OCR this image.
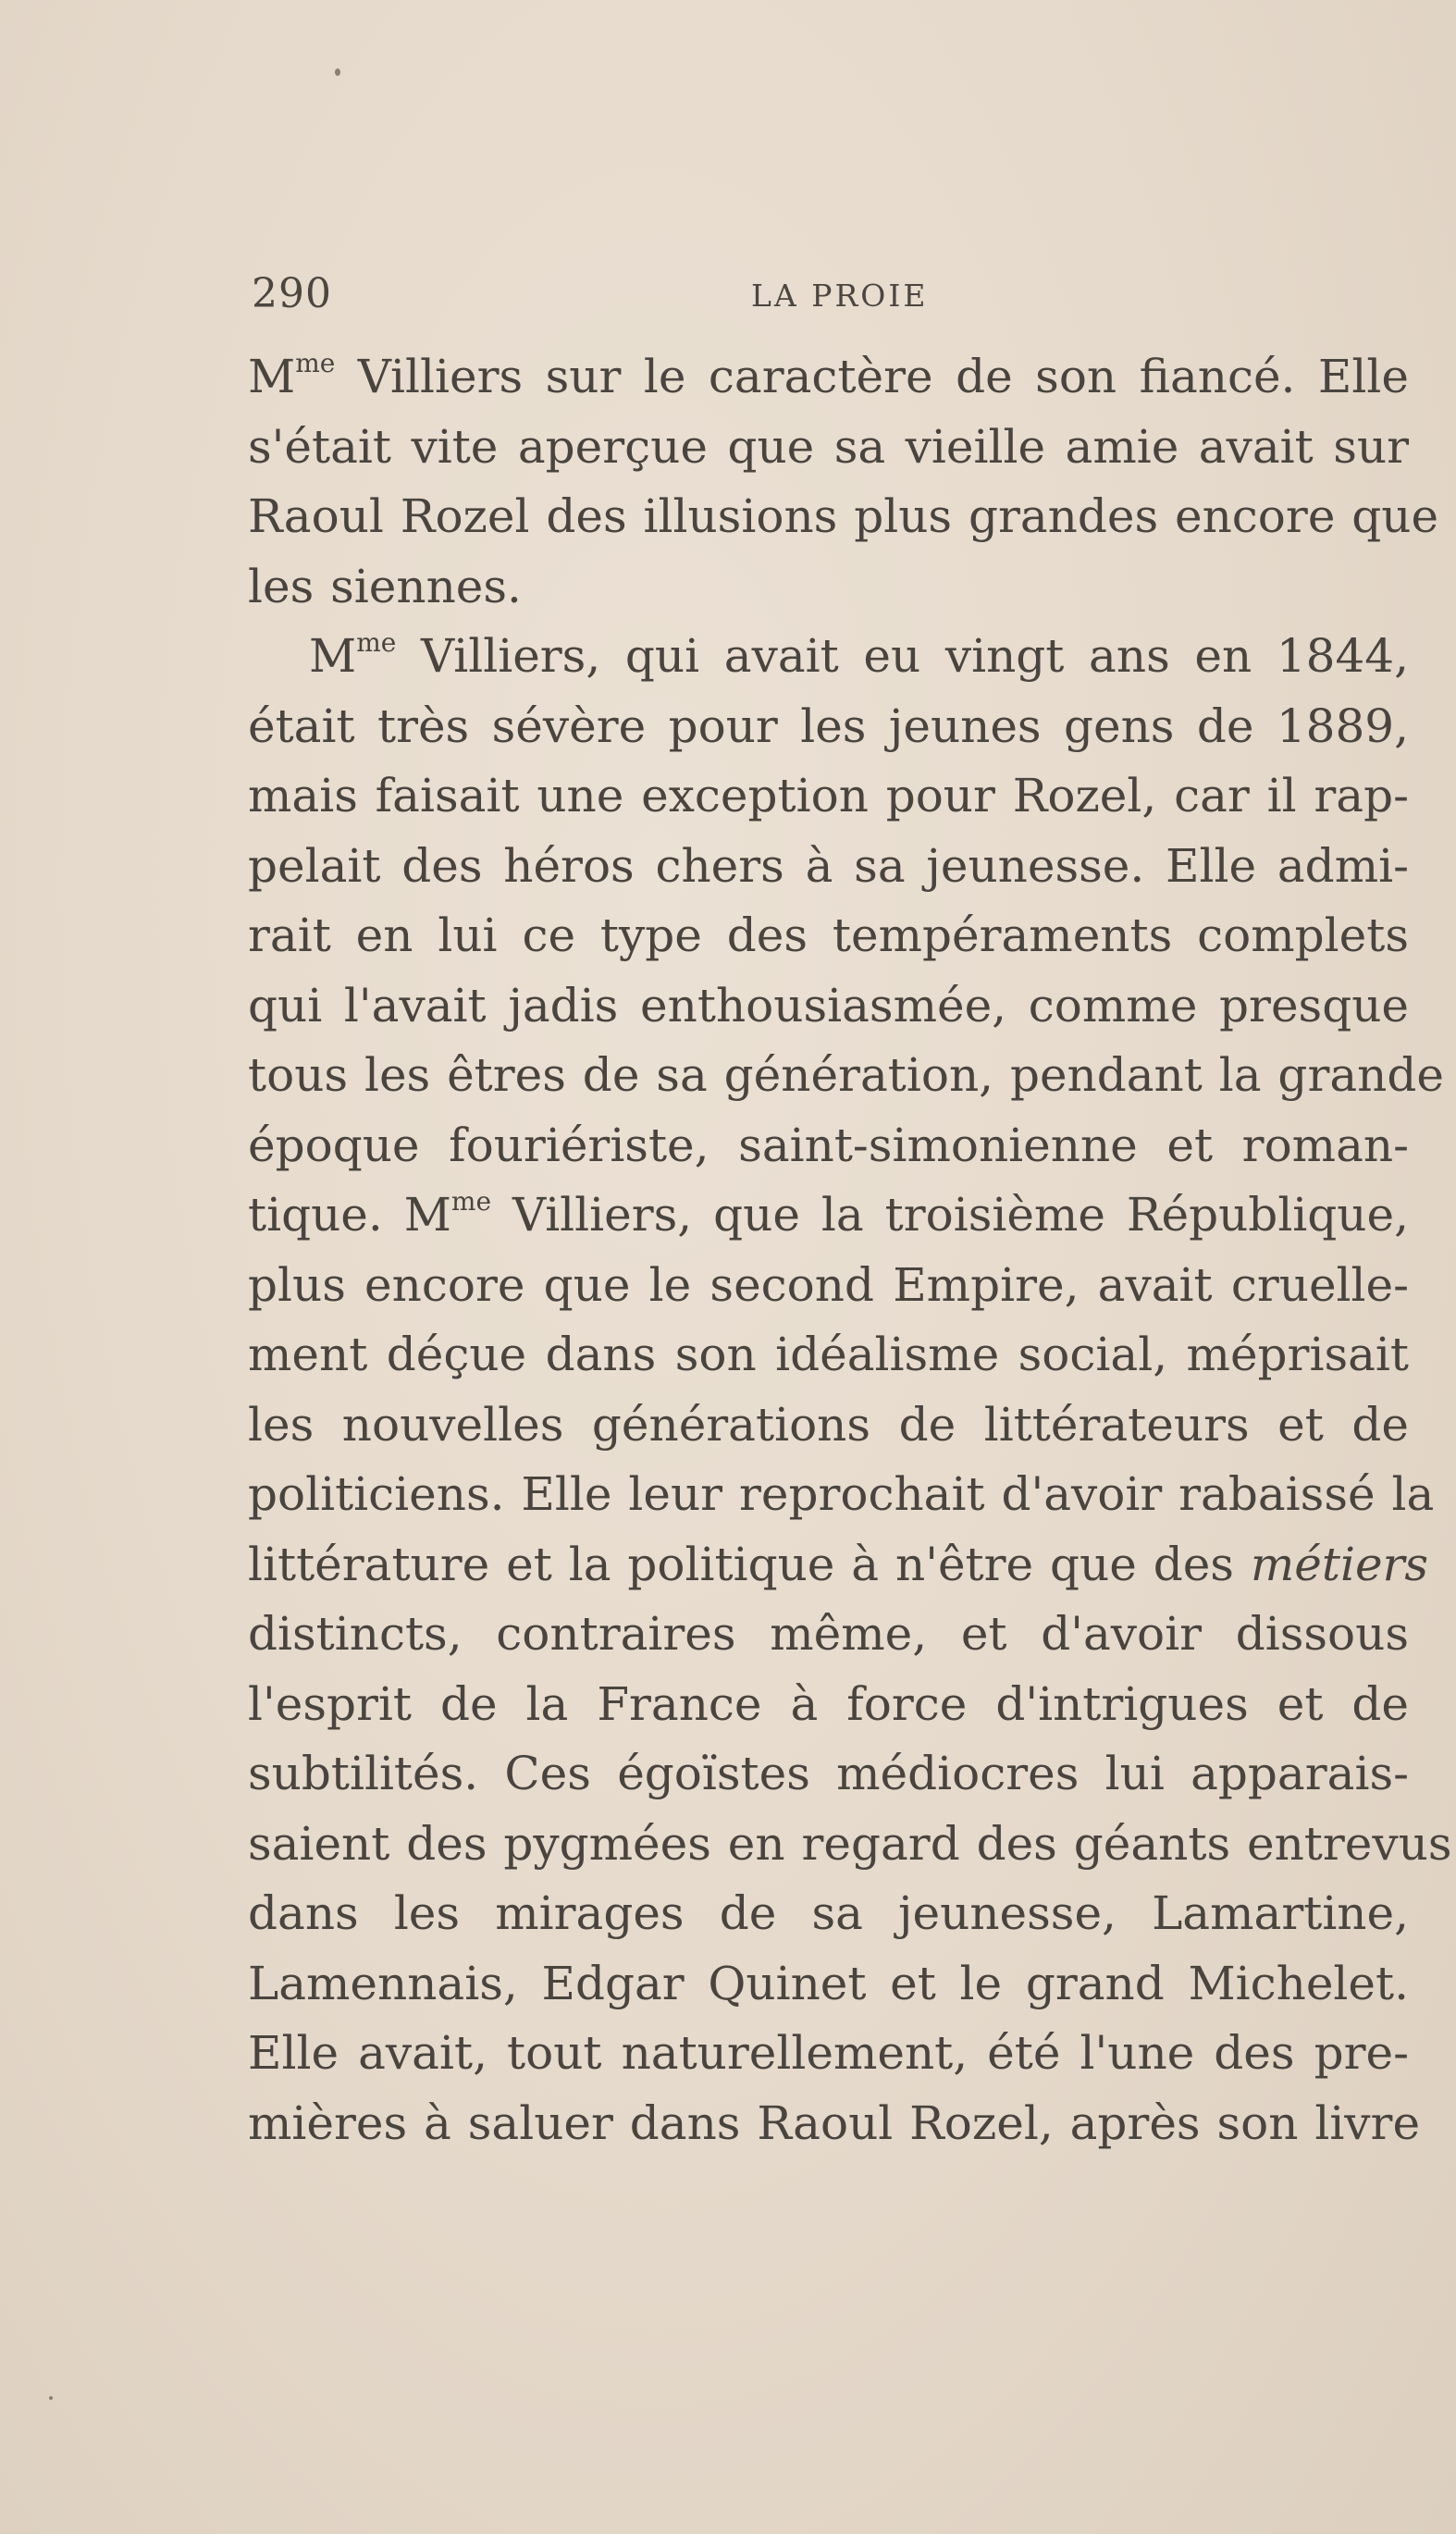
290	LA PROIE
$M^{me}$ Villiers sur le caractère de son fiancé. Elle
s'était vite aperçue que sa vieille amie avait sur
Raoul Rozel des illusions plus grandes encore que
les siennes.
$M^{me}$ Villiers, qui avait eu vingt ans en 1844,
était très sévère pour les jeunes gens de 1889,
mais faisait une exception pour Rozel, car il rap-
pelait des héros chers à sa jeunesse. Elle admi-
rait en lui ce type des tempéraments complets
qui l'avait jadis enthousiasmée, comme presque
tous les êtres de sa génération, pendant la grande
époque fouriériste, saint-simonienne et roman-
tique. $M^{me}$ Villiers, que la troisième République,
plus encore que le second Empire, avait cruelle-
ment déçue dans son idéalisme social, méprisait
les nouvelles générations de littérateurs et de
politiciens. Elle leur reprochait d'avoir rabaissé la
littérature et la politique à n'être que des métiers
distincts, contraires même, et d'avoir dissous
l'esprit de la France à force d'intrigues et de
subtilités. Ces égoïstes médiocres lui apparais-
saient des pygmées en regard des géants entrevus
dans les mirages de sa jeunesse, Lamartine,
Lamennais, Edgar Quinet et le grand Michelet.
Elle avait, tout naturellement, été l'une des pre-
mières à saluer dans Raoul Rozel, après son livre
